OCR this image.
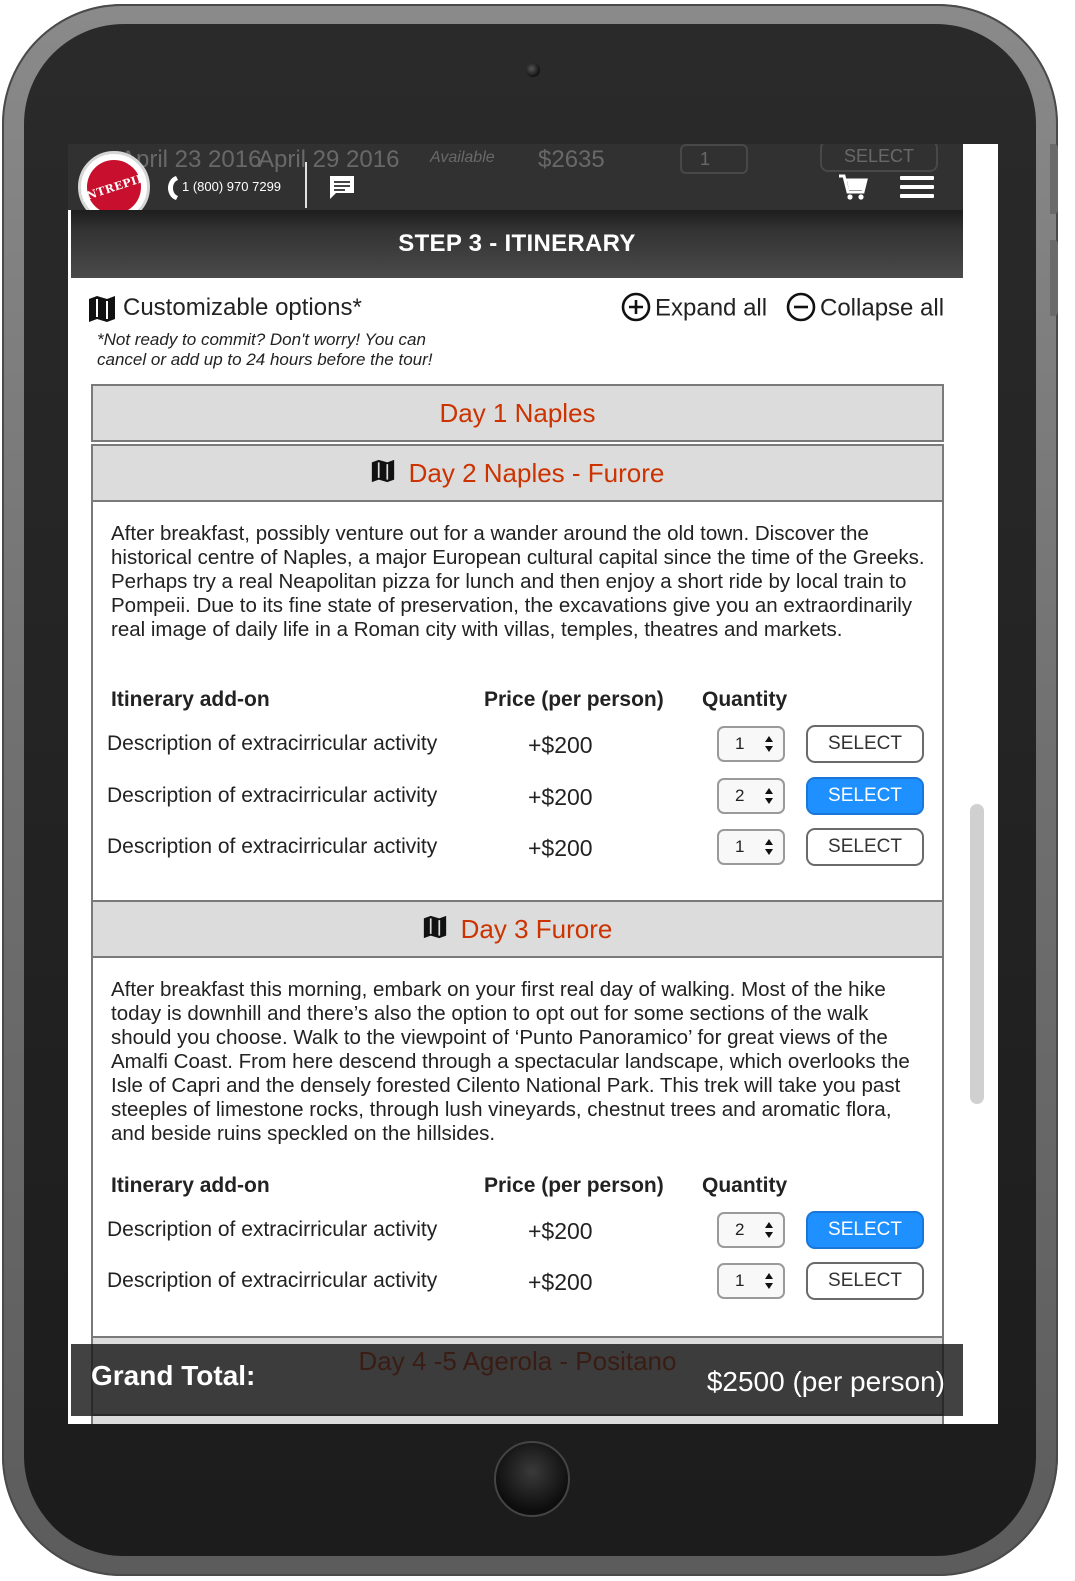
INTREPID	1 (800) 970 7299
STEP 3 - ITINERARY
Customizable options*
*Not ready to commit? Don't worry! You can cancel or add up to 24 hours before the tour!
Expand all	Collapse all
Day 1 Naples
Day 2 Naples - Furore
After breakfast, possibly venture out for a wander around the old town. Discover the historical centre of Naples, a major European cultural capital since the time of the Greeks. Perhaps try a real Neapolitan pizza for lunch and then enjoy a short ride by local train to Pompeii. Due to its fine state of preservation, the excavations give you an extraordinarily real image of daily life in a Roman city with villas, temples, theatres and markets.
Itinerary add-on	Price (per person) Quantity
Description of extracirricular activity	+$200	1	SELECT
Description of extracirricular activity	+$200	2	SELECT
Description of extracirricular activity	+$200	1	SELECT
Day 3 Furore
After breakfast this morning, embark on your first real day of walking. Most of the hike today is downhill and there’s also the option to opt out for some sections of the walk should you choose. Walk to the viewpoint of ‘Punto Panoramico’ for great views of the Amalfi Coast. From here descend through a spectacular landscape, which overlooks the Isle of Capri and the densely forested Cilento National Park. This trek will take you past steeples of limestone rocks, through lush vineyards, chestnut trees and aromatic flora, and beside ruins speckled on the hillsides.
Itinerary add-on	Price (per person) Quantity
Description of extracirricular activity	+$200	2	SELECT
Description of extracirricular activity	+$200	1	SELECT
Grand Total:	$2500 (per person)
